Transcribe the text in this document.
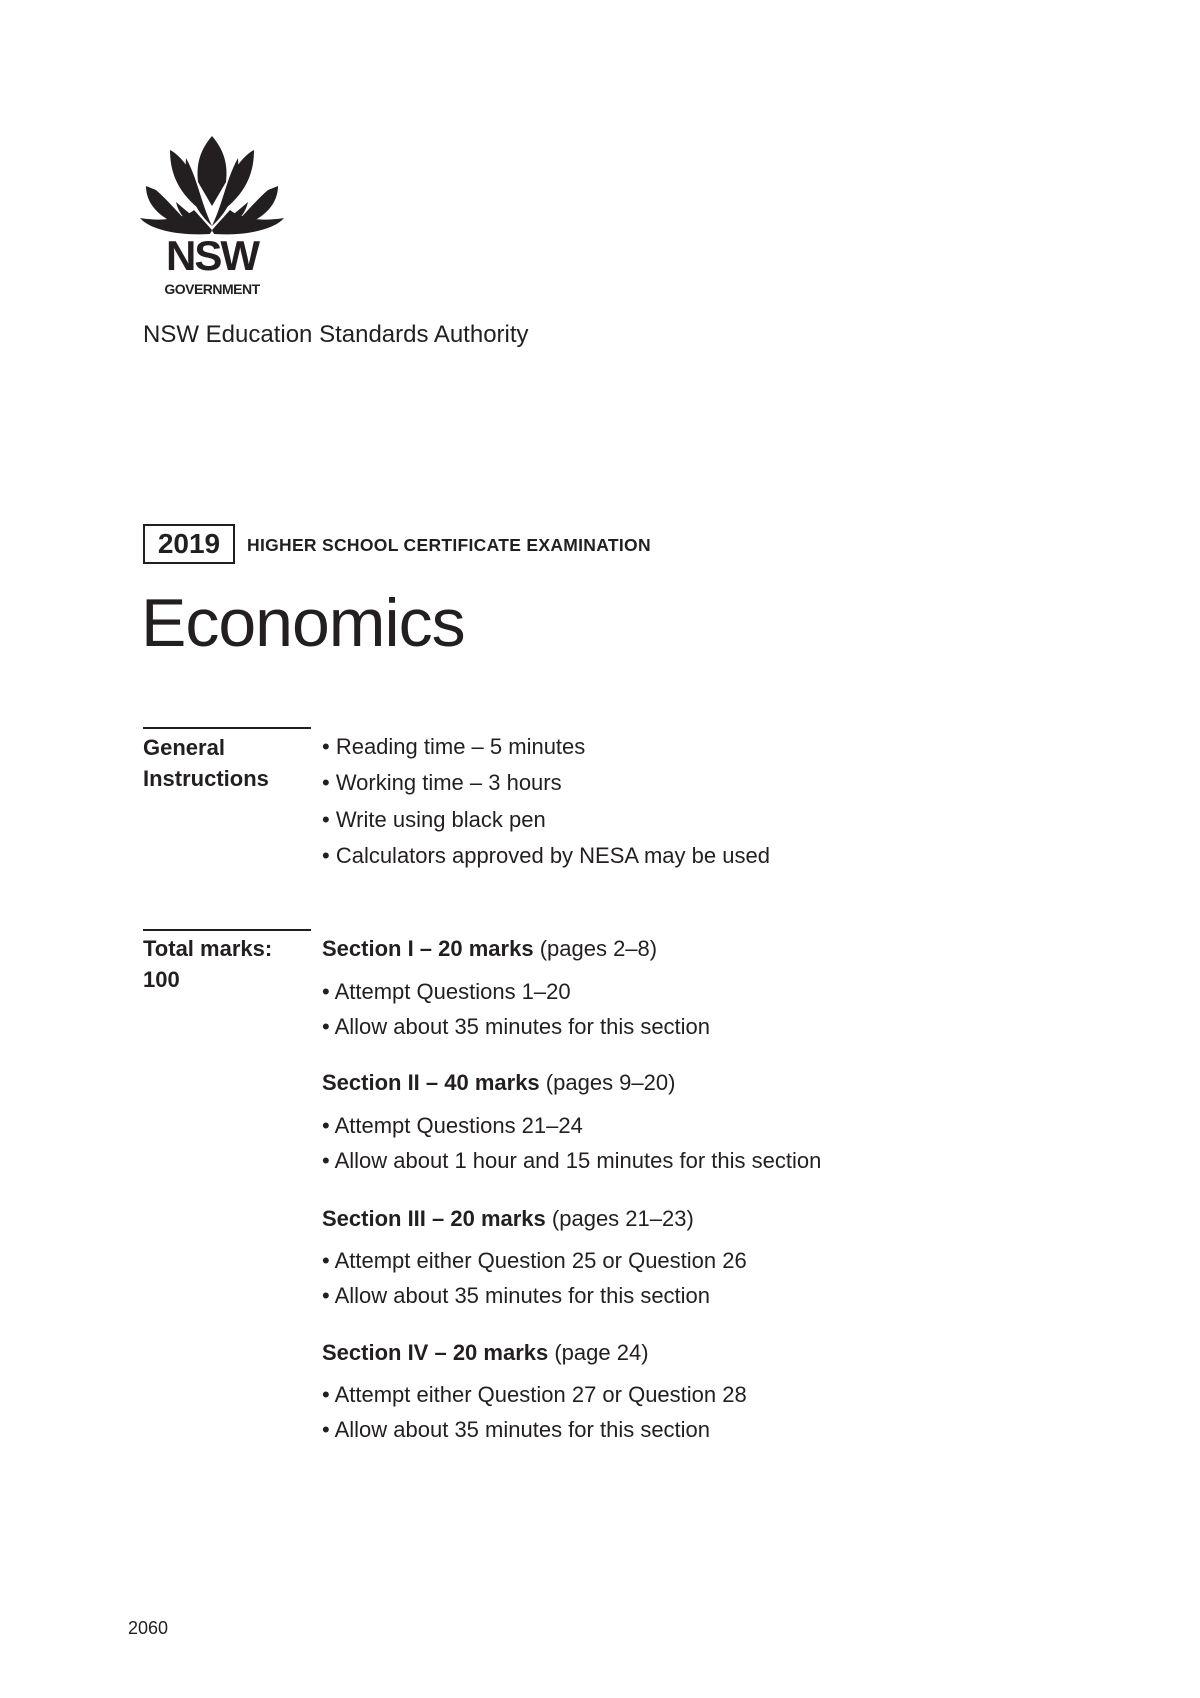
NSW
GOVERNMENT
NSW Education Standards Authority
2019	HIGHER SCHOOL CERTIFICATE EXAMINATION
Economics
General
Instructions
• Reading time – 5 minutes
• Working time – 3 hours
• Write using black pen
• Calculators approved by NESA may be used
Total marks:
100
Section I – 20 marks (pages 2–8)
• Attempt Questions 1–20
• Allow about 35 minutes for this section
Section II – 40 marks (pages 9–20)
• Attempt Questions 21–24
• Allow about 1 hour and 15 minutes for this section
Section III – 20 marks (pages 21–23)
• Attempt either Question 25 or Question 26
• Allow about 35 minutes for this section
Section IV – 20 marks (page 24)
• Attempt either Question 27 or Question 28
• Allow about 35 minutes for this section
2060
